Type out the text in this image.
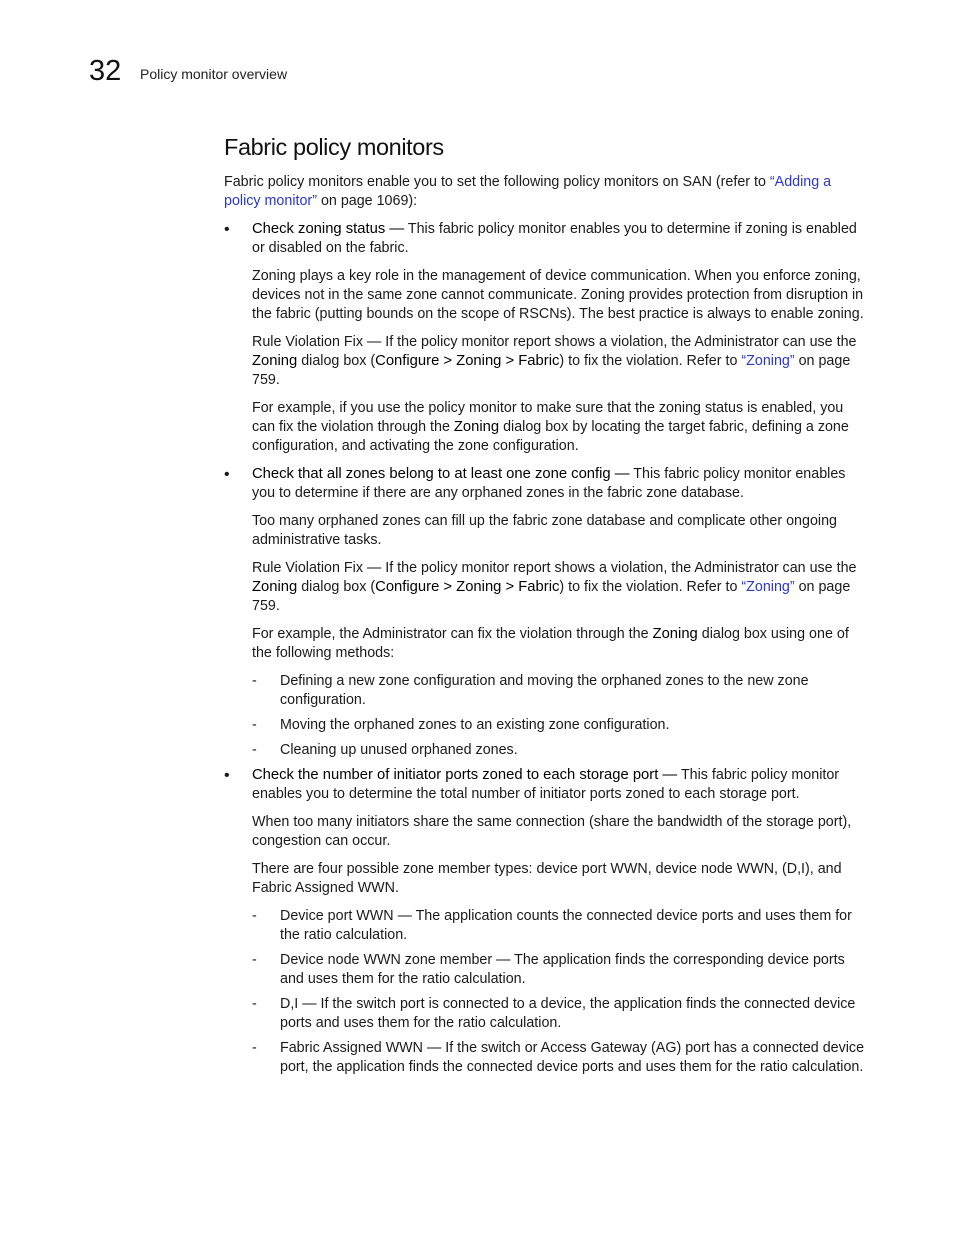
32 Policy monitor overview
Fabric policy monitors

Fabric policy monitors enable you to set the following policy monitors on SAN (refer to “Adding a policy monitor” on page 1069):

•	Check zoning status — This fabric policy monitor enables you to determine if zoning is enabled or disabled on the fabric.

Zoning plays a key role in the management of device communication. When you enforce zoning, devices not in the same zone cannot communicate. Zoning provides protection from disruption in the fabric (putting bounds on the scope of RSCNs). The best practice is always to enable zoning.

Rule Violation Fix — If the policy monitor report shows a violation, the Administrator can use the Zoning dialog box (Configure > Zoning > Fabric) to fix the violation. Refer to “Zoning” on page 759.

For example, if you use the policy monitor to make sure that the zoning status is enabled, you can fix the violation through the Zoning dialog box by locating the target fabric, defining a zone configuration, and activating the zone configuration.

•	Check that all zones belong to at least one zone config — This fabric policy monitor enables you to determine if there are any orphaned zones in the fabric zone database.

Too many orphaned zones can fill up the fabric zone database and complicate other ongoing administrative tasks.

Rule Violation Fix — If the policy monitor report shows a violation, the Administrator can use the Zoning dialog box (Configure > Zoning > Fabric) to fix the violation. Refer to “Zoning” on page 759.

For example, the Administrator can fix the violation through the Zoning dialog box using one of the following methods:

-	Defining a new zone configuration and moving the orphaned zones to the new zone configuration.
-	Moving the orphaned zones to an existing zone configuration.
-	Cleaning up unused orphaned zones.
•	Check the number of initiator ports zoned to each storage port — This fabric policy monitor enables you to determine the total number of initiator ports zoned to each storage port.

When too many initiators share the same connection (share the bandwidth of the storage port), congestion can occur.

There are four possible zone member types: device port WWN, device node WWN, (D,I), and Fabric Assigned WWN.

-	Device port WWN — The application counts the connected device ports and uses them for the ratio calculation.
-	Device node WWN zone member — The application finds the corresponding device ports and uses them for the ratio calculation.
-	D,I — If the switch port is connected to a device, the application finds the connected device ports and uses them for the ratio calculation.
-	Fabric Assigned WWN — If the switch or Access Gateway (AG) port has a connected device port, the application finds the connected device ports and uses them for the ratio calculation.
